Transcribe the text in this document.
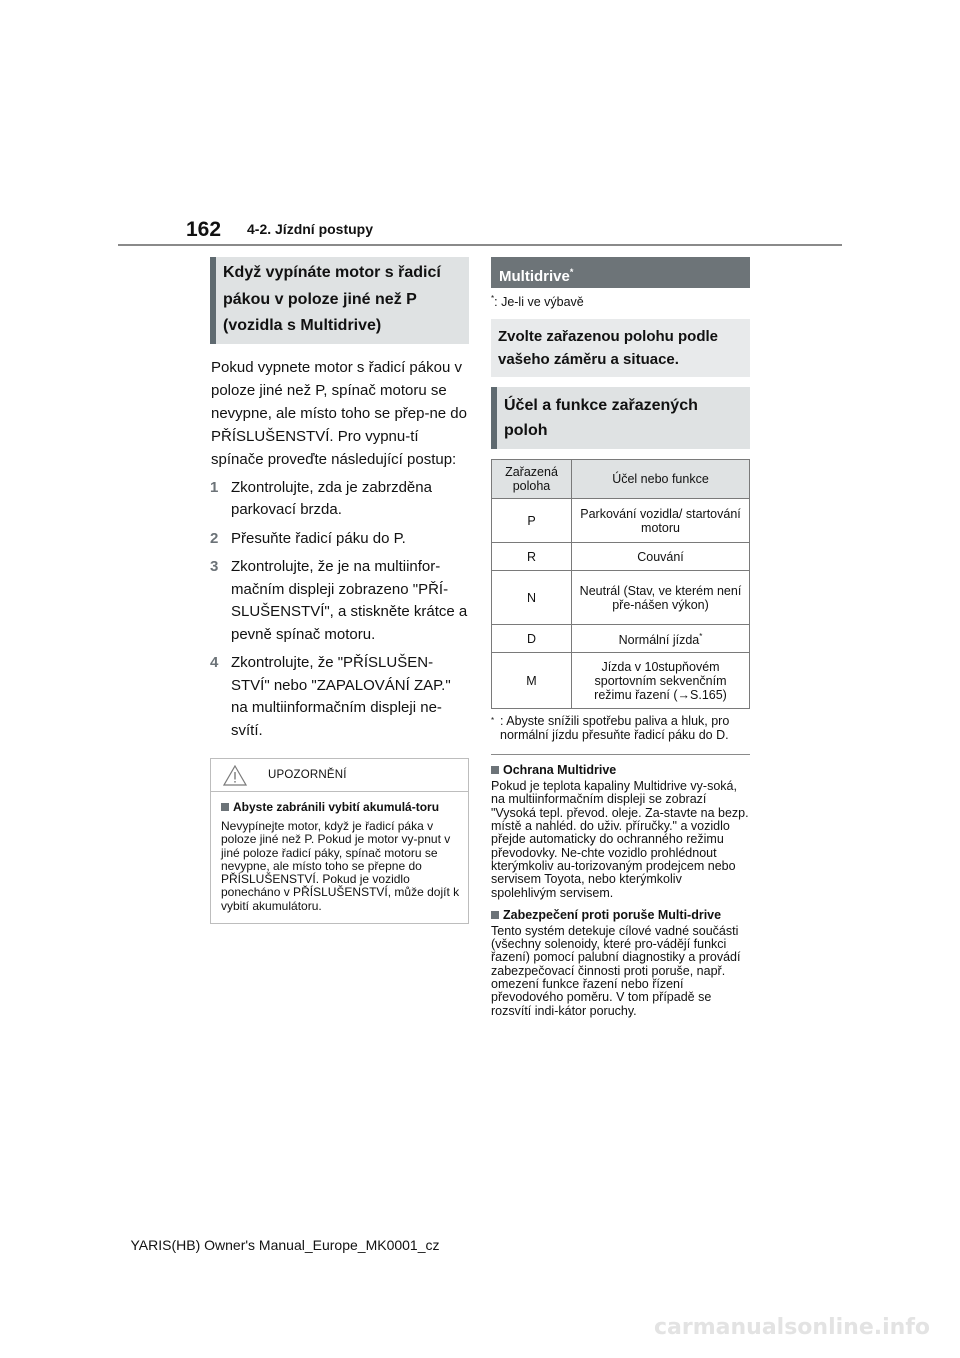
162 4-2. Jízdní postupy
Když vypínáte motor s řadicí pákou v poloze jiné než P (vozidla s Multidrive)
Pokud vypnete motor s řadicí pákou v poloze jiné než P, spínač motoru se nevypne, ale místo toho se přep-ne do PŘÍSLUŠENSTVÍ. Pro vypnu-tí spínače proveďte následující postup:
1 Zkontrolujte, zda je zabrzděna parkovací brzda.
2 Přesuňte řadicí páku do P.
3 Zkontrolujte, že je na multiinfor-mačním displeji zobrazeno "PŘÍ-SLUŠENSTVÍ", a stiskněte krátce a pevně spínač motoru.
4 Zkontrolujte, že "PŘÍSLUŠEN-STVÍ" nebo "ZAPALOVÁNÍ ZAP." na multiinformačním displeji ne-svítí.
UPOZORNĚNÍ
Abyste zabránili vybití akumulá-toru
Nevypínejte motor, když je řadicí páka v poloze jiné než P. Pokud je motor vy-pnut v jiné poloze řadicí páky, spínač motoru se nevypne, ale místo toho se přepne do PŘÍSLUŠENSTVÍ. Pokud je vozidlo ponecháno v PŘÍSLUŠENSTVÍ, může dojít k vybití akumulátoru.
Multidrive*
*: Je-li ve výbavě
Zvolte zařazenou polohu podle vašeho záměru a situace.
Účel a funkce zařazených poloh
Zařazená poloha	Účel nebo funkce
P	Parkování vozidla/ startování motoru
R	Couvání
N	Neutrál (Stav, ve kterém není pře-nášen výkon)
D	Normální jízda*
M	Jízda v 10stupňovém sportovním sekvenčním režimu řazení (→S.165)
* : Abyste snížili spotřebu paliva a hluk, pro normální jízdu přesuňte řadicí páku do D.
Ochrana Multidrive
Pokud je teplota kapaliny Multidrive vy-soká, na multiinformačním displeji se zobrazí "Vysoká tepl. převod. oleje. Za-stavte na bezp. místě a nahléd. do uživ. příručky." a vozidlo přejde automaticky do ochranného režimu převodovky. Ne-chte vozidlo prohlédnout kterýmkoliv au-torizovaným prodejcem nebo servisem Toyota, nebo kterýmkoliv spolehlivým servisem.
Zabezpečení proti poruše Multi-drive
Tento systém detekuje cílové vadné součásti (všechny solenoidy, které pro-vádějí funkci řazení) pomocí palubní diagnostiky a provádí zabezpečovací činnosti proti poruše, např. omezení funkce řazení nebo řízení převodového poměru. V tom případě se rozsvítí indi-kátor poruchy.
YARIS(HB) Owner's Manual_Europe_MK0001_cz
carmanualsonline.info
